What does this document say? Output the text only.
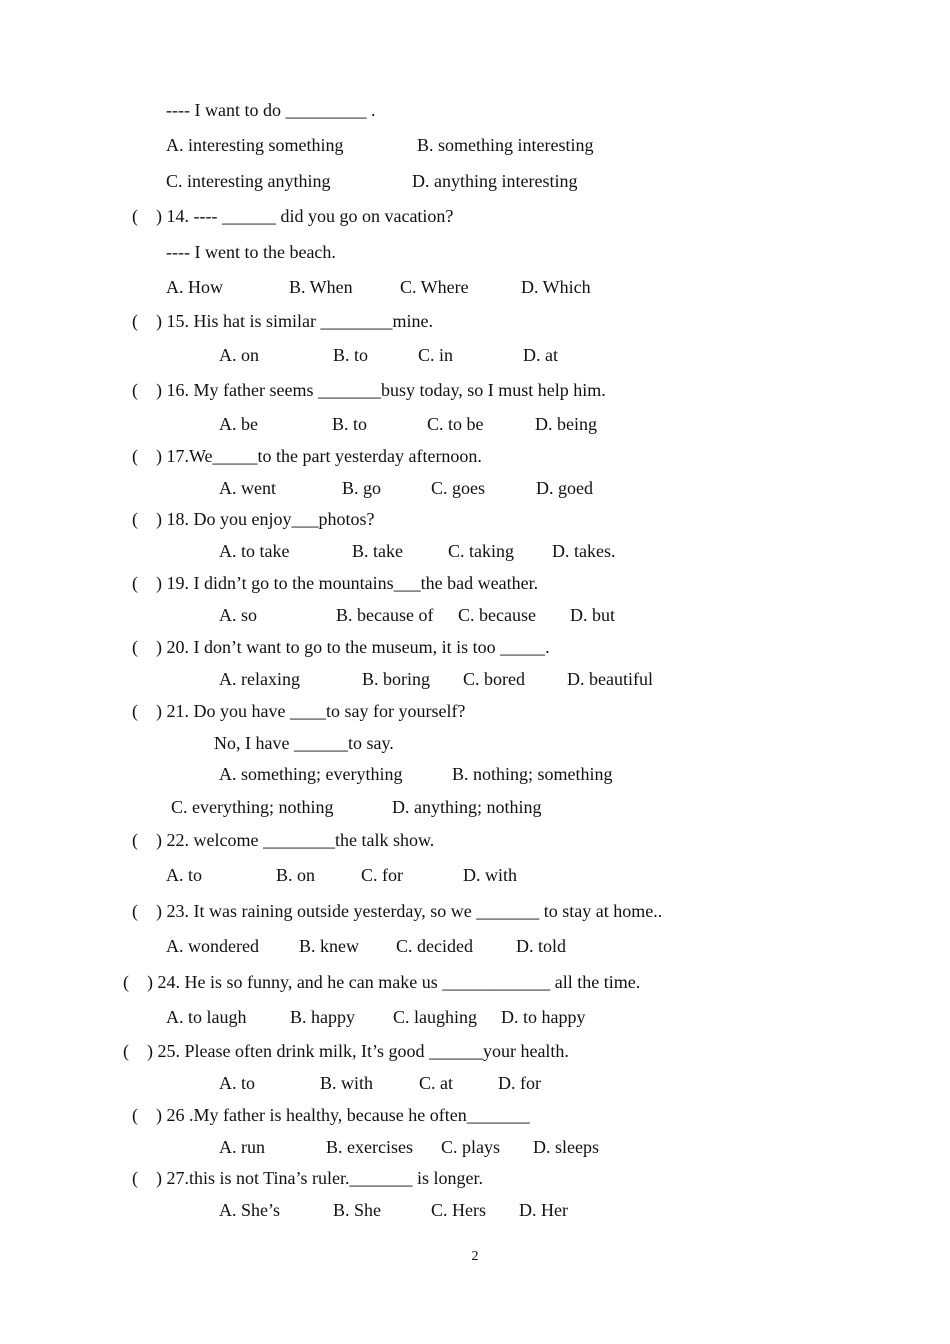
---- I want to do _________ .
A. interesting something	B. something interesting
C. interesting anything	D. anything interesting
(    ) 14. ---- ______ did you go on vacation?
---- I went to the beach.
A. How	B. When	C. Where	D. Which
(    ) 15. His hat is similar ________mine.
A. on	B. to	C. in	D. at
(    ) 16. My father seems _______busy today, so I must help him.
A. be	B. to	C. to be	D. being
(    ) 17.We_____to the part yesterday afternoon.
A. went	B. go	C. goes	D. goed
(    ) 18. Do you enjoy___photos?
A. to take	B. take	C. taking D. takes.
(    ) 19. I didn’t go to the mountains___the bad weather.
A. so	B. because of C. because D. but
(    ) 20. I don’t want to go to the museum, it is too _____.
A. relaxing	B. boring C. bored D. beautiful
(    ) 21. Do you have ____to say for yourself?
No, I have ______to say.
A. something; everything	B. nothing; something
C. everything; nothing	D. anything; nothing
(    ) 22. welcome ________the talk show.
A. to	B. on	C. for	D. with
(    ) 23. It was raining outside yesterday, so we _______ to stay at home..
A. wondered B. knew C. decided D. told
(    ) 24. He is so funny, and he can make us ____________ all the time.
A. to laugh B. happy C. laughing D. to happy
(    ) 25. Please often drink milk, It’s good ______your health.
A. to	B. with	C. at	D. for
(    ) 26 .My father is healthy, because he often_______
A. run	B. exercises C. plays D. sleeps
(    ) 27.this is not Tina’s ruler._______ is longer.
A. She’s	B. She	C. Hers D. Her
2
